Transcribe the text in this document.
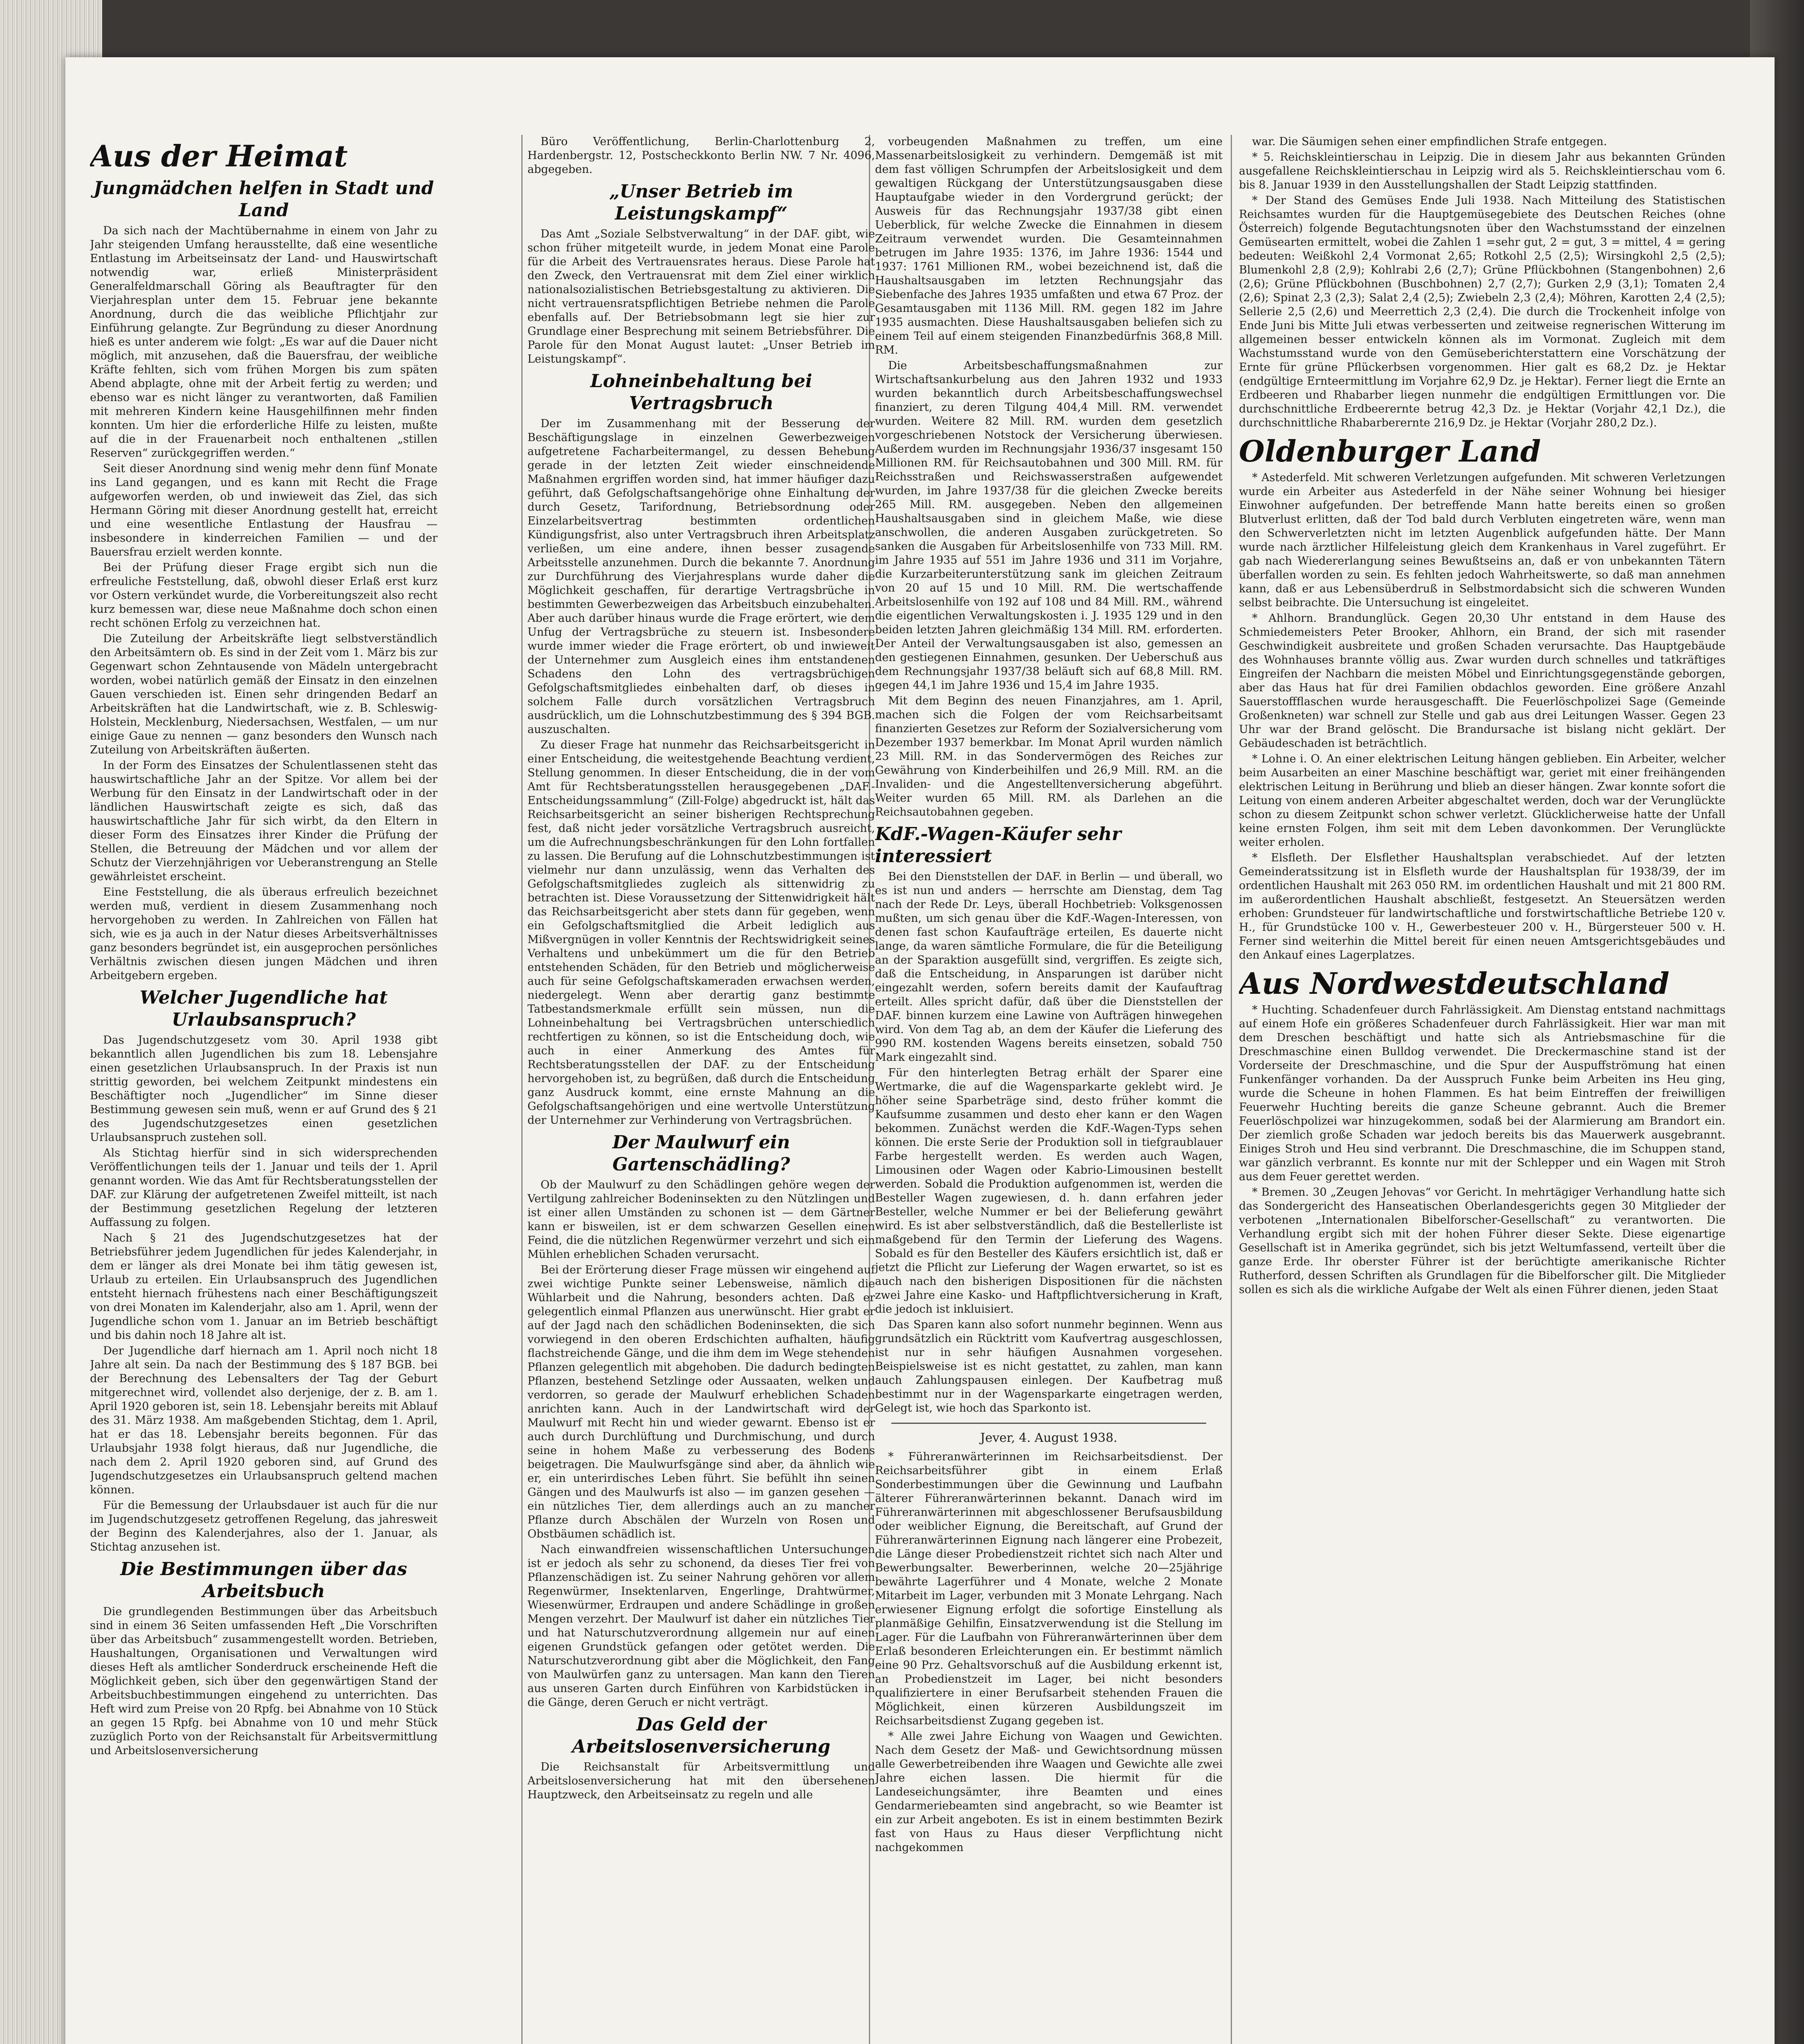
Aus der Heimat
Jungmädchen helfen in Stadt und Land

Da sich nach der Machtübernahme in einem von Jahr zu Jahr steigenden Umfang herausstellte, daß eine wesentliche Entlastung im Arbeitseinsatz der Land- und Hauswirtschaft notwendig war, erließ Ministerpräsident Generalfeldmarschall Göring als Beauftragter für den Vierjahresplan unter dem 15. Februar jene bekannte Anordnung, durch die das weibliche Pflichtjahr zur Einführung gelangte. Zur Begründung zu dieser Anordnung hieß es unter anderem wie folgt: „Es war auf die Dauer nicht möglich, mit anzusehen, daß die Bauersfrau, der weibliche Kräfte fehlten, sich vom frühen Morgen bis zum späten Abend abplagte, ohne mit der Arbeit fertig zu werden; und ebenso war es nicht länger zu verantworten, daß Familien mit mehreren Kindern keine Hausgehilfinnen mehr finden konnten. Um hier die erforderliche Hilfe zu leisten, mußte auf die in der Frauenarbeit noch enthaltenen „stillen Reserven“ zurückgegriffen werden.“

Seit dieser Anordnung sind wenig mehr denn fünf Monate ins Land gegangen, und es kann mit Recht die Frage aufgeworfen werden, ob und inwieweit das Ziel, das sich Hermann Göring mit dieser Anordnung gestellt hat, erreicht und eine wesentliche Entlastung der Hausfrau — insbesondere in kinderreichen Familien — und der Bauersfrau erzielt werden konnte.

Bei der Prüfung dieser Frage ergibt sich nun die erfreuliche Feststellung, daß, obwohl dieser Erlaß erst kurz vor Ostern verkündet wurde, die Vorbereitungszeit also recht kurz bemessen war, diese neue Maßnahme doch schon einen recht schönen Erfolg zu verzeichnen hat.

Die Zuteilung der Arbeitskräfte liegt selbstverständlich den Arbeitsämtern ob. Es sind in der Zeit vom 1. März bis zur Gegenwart schon Zehntausende von Mädeln untergebracht worden, wobei natürlich gemäß der Einsatz in den einzelnen Gauen verschieden ist. Einen sehr dringenden Bedarf an Arbeitskräften hat die Landwirtschaft, wie z. B. Schleswig-Holstein, Mecklenburg, Niedersachsen, Westfalen, — um nur einige Gaue zu nennen — ganz besonders den Wunsch nach Zuteilung von Arbeitskräften äußerten.

In der Form des Einsatzes der Schulentlassenen steht das hauswirtschaftliche Jahr an der Spitze. Vor allem bei der Werbung für den Einsatz in der Landwirtschaft oder in der ländlichen Hauswirtschaft zeigte es sich, daß das hauswirtschaftliche Jahr für sich wirbt, da den Eltern in dieser Form des Einsatzes ihrer Kinder die Prüfung der Stellen, die Betreuung der Mädchen und vor allem der Schutz der Vierzehnjährigen vor Ueberanstrengung an Stelle gewährleistet erscheint.

Eine Feststellung, die als überaus erfreulich bezeichnet werden muß, verdient in diesem Zusammenhang noch hervorgehoben zu werden. In Zahlreichen von Fällen hat sich, wie es ja auch in der Natur dieses Arbeitsverhältnisses ganz besonders begründet ist, ein ausgeprochen persönliches Verhältnis zwischen diesen jungen Mädchen und ihren Arbeitgebern ergeben.

Welcher Jugendliche hat Urlaubsanspruch?

Das Jugendschutzgesetz vom 30. April 1938 gibt bekanntlich allen Jugendlichen bis zum 18. Lebensjahre einen gesetzlichen Urlaubsanspruch. In der Praxis ist nun strittig geworden, bei welchem Zeitpunkt mindestens ein Beschäftigter noch „Jugendlicher“ im Sinne dieser Bestimmung gewesen sein muß, wenn er auf Grund des § 21 des Jugendschutzgesetzes einen gesetzlichen Urlaubsanspruch zustehen soll.

Als Stichtag hierfür sind in sich widersprechenden Veröffentlichungen teils der 1. Januar und teils der 1. April genannt worden. Wie das Amt für Rechtsberatungsstellen der DAF. zur Klärung der aufgetretenen Zweifel mitteilt, ist nach der Bestimmung gesetzlichen Regelung der letzteren Auffassung zu folgen.

Nach § 21 des Jugendschutzgesetzes hat der Betriebsführer jedem Jugendlichen für jedes Kalenderjahr, in dem er länger als drei Monate bei ihm tätig gewesen ist, Urlaub zu erteilen. Ein Urlaubsanspruch des Jugendlichen entsteht hiernach frühestens nach einer Beschäftigungszeit von drei Monaten im Kalenderjahr, also am 1. April, wenn der Jugendliche schon vom 1. Januar an im Betrieb beschäftigt und bis dahin noch 18 Jahre alt ist.

Der Jugendliche darf hiernach am 1. April noch nicht 18 Jahre alt sein. Da nach der Bestimmung des § 187 BGB. bei der Berechnung des Lebensalters der Tag der Geburt mitgerechnet wird, vollendet also derjenige, der z. B. am 1. April 1920 geboren ist, sein 18. Lebensjahr bereits mit Ablauf des 31. März 1938. Am maßgebenden Stichtag, dem 1. April, hat er das 18. Lebensjahr bereits begonnen. Für das Urlaubsjahr 1938 folgt hieraus, daß nur Jugendliche, die nach dem 2. April 1920 geboren sind, auf Grund des Jugendschutzgesetzes ein Urlaubsanspruch geltend machen können.

Für die Bemessung der Urlaubsdauer ist auch für die nur im Jugendschutzgesetz getroffenen Regelung, das jahresweit der Beginn des Kalenderjahres, also der 1. Januar, als Stichtag anzusehen ist.

Die Bestimmungen über das Arbeitsbuch

Die grundlegenden Bestimmungen über das Arbeitsbuch sind in einem 36 Seiten umfassenden Heft „Die Vorschriften über das Arbeitsbuch“ zusammengestellt worden. Betrieben, Haushaltungen, Organisationen und Verwaltungen wird dieses Heft als amtlicher Sonderdruck erscheinende Heft die Möglichkeit geben, sich über den gegenwärtigen Stand der Arbeitsbuchbestimmungen eingehend zu unterrichten. Das Heft wird zum Preise von 20 Rpfg. bei Abnahme von 10 Stück an gegen 15 Rpfg. bei Abnahme von 10 und mehr Stück zuzüglich Porto von der Reichsanstalt für Arbeitsvermittlung und Arbeitslosenversicherung

Büro Veröffentlichung, Berlin-Charlottenburg 2, Hardenbergstr. 12, Postscheckkonto Berlin NW. 7 Nr. 4096, abgegeben.

„Unser Betrieb im Leistungskampf“

Das Amt „Soziale Selbstverwaltung“ in der DAF. gibt, wie schon früher mitgeteilt wurde, in jedem Monat eine Parole für die Arbeit des Vertrauensrates heraus. Diese Parole hat den Zweck, den Vertrauensrat mit dem Ziel einer wirklich nationalsozialistischen Betriebsgestaltung zu aktivieren. Die nicht vertrauensratspflichtigen Betriebe nehmen die Parole ebenfalls auf. Der Betriebsobmann legt sie hier zur Grundlage einer Besprechung mit seinem Betriebsführer. Die Parole für den Monat August lautet: „Unser Betrieb im Leistungskampf“.

Lohneinbehaltung bei Vertragsbruch

Der im Zusammenhang mit der Besserung der Beschäftigungslage in einzelnen Gewerbezweigen aufgetretene Facharbeitermangel, zu dessen Behebung gerade in der letzten Zeit wieder einschneidende Maßnahmen ergriffen worden sind, hat immer häufiger dazu geführt, daß Gefolgschaftsangehörige ohne Einhaltung der durch Gesetz, Tarifordnung, Betriebsordnung oder Einzelarbeitsvertrag bestimmten ordentlichen Kündigungsfrist, also unter Vertragsbruch ihren Arbeitsplatz verließen, um eine andere, ihnen besser zusagende Arbeitsstelle anzunehmen. Durch die bekannte 7. Anordnung zur Durchführung des Vierjahresplans wurde daher die Möglichkeit geschaffen, für derartige Vertragsbrüche in bestimmten Gewerbezweigen das Arbeitsbuch einzubehalten. Aber auch darüber hinaus wurde die Frage erörtert, wie dem Unfug der Vertragsbrüche zu steuern ist. Insbesondere wurde immer wieder die Frage erörtert, ob und inwieweit der Unternehmer zum Ausgleich eines ihm entstandenen Schadens den Lohn des vertragsbrüchigen Gefolgschaftsmitgliedes einbehalten darf, ob dieses in solchem Falle durch vorsätzlichen Vertragsbruch ausdrücklich, um die Lohnschutzbestimmung des § 394 BGB. auszuschalten.

Zu dieser Frage hat nunmehr das Reichsarbeitsgericht in einer Entscheidung, die weitestgehende Beachtung verdient, Stellung genommen. In dieser Entscheidung, die in der vom Amt für Rechtsberatungsstellen herausgegebenen „DAF.-Entscheidungssammlung“ (Zill-Folge) abgedruckt ist, hält das Reichsarbeitsgericht an seiner bisherigen Rechtsprechung fest, daß nicht jeder vorsätzliche Vertragsbruch ausreicht, um die Aufrechnungsbeschränkungen für den Lohn fortfallen zu lassen. Die Berufung auf die Lohnschutzbestimmungen ist vielmehr nur dann unzulässig, wenn das Verhalten des Gefolgschaftsmitgliedes zugleich als sittenwidrig zu betrachten ist. Diese Voraussetzung der Sittenwidrigkeit hält das Reichsarbeitsgericht aber stets dann für gegeben, wenn ein Gefolgschaftsmitglied die Arbeit lediglich aus Mißvergnügen in voller Kenntnis der Rechtswidrigkeit seines Verhaltens und unbekümmert um die für den Betrieb entstehenden Schäden, für den Betrieb und möglicherweise auch für seine Gefolgschaftskameraden erwachsen werden, niedergelegt. Wenn aber derartig ganz bestimmte Tatbestandsmerkmale erfüllt sein müssen, nun die Lohneinbehaltung bei Vertragsbrüchen unterschiedlich rechtfertigen zu können, so ist die Entscheidung doch, wie auch in einer Anmerkung des Amtes für Rechtsberatungsstellen der DAF. zu der Entscheidung hervorgehoben ist, zu begrüßen, daß durch die Entscheidung ganz Ausdruck kommt, eine ernste Mahnung an die Gefolgschaftsangehörigen und eine wertvolle Unterstützung der Unternehmer zur Verhinderung von Vertragsbrüchen.

Der Maulwurf ein Gartenschädling?

Ob der Maulwurf zu den Schädlingen gehöre wegen der Vertilgung zahlreicher Bodeninsekten zu den Nützlingen und ist einer allen Umständen zu schonen ist — dem Gärtner kann er bisweilen, ist er dem schwarzen Gesellen einen Feind, die die nützlichen Regenwürmer verzehrt und sich ein Mühlen erheblichen Schaden verursacht.

Bei der Erörterung dieser Frage müssen wir eingehend auf zwei wichtige Punkte seiner Lebensweise, nämlich die Wühlarbeit und die Nahrung, besonders achten. Daß er gelegentlich einmal Pflanzen aus unerwünscht. Hier grabt er auf der Jagd nach den schädlichen Bodeninsekten, die sich vorwiegend in den oberen Erdschichten aufhalten, häufig flachstreichende Gänge, und die ihm dem im Wege stehenden Pflanzen gelegentlich mit abgehoben. Die dadurch bedingten Pflanzen, bestehend Setzlinge oder Aussaaten, welken und verdorren, so gerade der Maulwurf erheblichen Schaden anrichten kann. Auch in der Landwirtschaft wird der Maulwurf mit Recht hin und wieder gewarnt. Ebenso ist er auch durch Durchlüftung und Durchmischung, und durch seine in hohem Maße zu verbesserung des Bodens beigetragen. Die Maulwurfsgänge sind aber, da ähnlich wie er, ein unterirdisches Leben führt. Sie befühlt ihn seinen Gängen und des Maulwurfs ist also — im ganzen gesehen — ein nützliches Tier, dem allerdings auch an zu mancher Pflanze durch Abschälen der Wurzeln von Rosen und Obstbäumen schädlich ist.

Nach einwandfreien wissenschaftlichen Untersuchungen ist er jedoch als sehr zu schonend, da dieses Tier frei von Pflanzenschädigen ist. Zu seiner Nahrung gehören vor allem Regenwürmer, Insektenlarven, Engerlinge, Drahtwürmer, Wiesenwürmer, Erdraupen und andere Schädlinge in großen Mengen verzehrt. Der Maulwurf ist daher ein nützliches Tier und hat Naturschutzverordnung allgemein nur auf einen eigenen Grundstück gefangen oder getötet werden. Die Naturschutzverordnung gibt aber die Möglichkeit, den Fang von Maulwürfen ganz zu untersagen. Man kann den Tieren aus unseren Garten durch Einführen von Karbidstücken in die Gänge, deren Geruch er nicht verträgt.

Das Geld der Arbeitslosenversicherung

Die Reichsanstalt für Arbeitsvermittlung und Arbeitslosenversicherung hat mit den übersehenen Hauptzweck, den Arbeitseinsatz zu regeln und alle

vorbeugenden Maßnahmen zu treffen, um eine Massenarbeitslosigkeit zu verhindern. Demgemäß ist mit dem fast völligen Schrumpfen der Arbeitslosigkeit und dem gewaltigen Rückgang der Unterstützungsausgaben diese Hauptaufgabe wieder in den Vordergrund gerückt; der Ausweis für das Rechnungsjahr 1937/38 gibt einen Ueberblick, für welche Zwecke die Einnahmen in diesem Zeitraum verwendet wurden. Die Gesamteinnahmen betrugen im Jahre 1935: 1376, im Jahre 1936: 1544 und 1937: 1761 Millionen RM., wobei bezeichnend ist, daß die Haushaltsausgaben im letzten Rechnungsjahr das Siebenfache des Jahres 1935 umfaßten und etwa 67 Proz. der Gesamtausgaben mit 1136 Mill. RM. gegen 182 im Jahre 1935 ausmachten. Diese Haushaltsausgaben beliefen sich zu einem Teil auf einem steigenden Finanzbedürfnis 368,8 Mill. RM.

Die Arbeitsbeschaffungsmaßnahmen zur Wirtschaftsankurbelung aus den Jahren 1932 und 1933 wurden bekanntlich durch Arbeitsbeschaffungswechsel finanziert, zu deren Tilgung 404,4 Mill. RM. verwendet wurden. Weitere 82 Mill. RM. wurden dem gesetzlich vorgeschriebenen Notstock der Versicherung überwiesen. Außerdem wurden im Rechnungsjahr 1936/37 insgesamt 150 Millionen RM. für Reichsautobahnen und 300 Mill. RM. für Reichsstraßen und Reichswasserstraßen aufgewendet wurden, im Jahre 1937/38 für die gleichen Zwecke bereits 265 Mill. RM. ausgegeben. Neben den allgemeinen Haushaltsausgaben sind in gleichem Maße, wie diese anschwollen, die anderen Ausgaben zurückgetreten. So sanken die Ausgaben für Arbeitslosenhilfe von 733 Mill. RM. im Jahre 1935 auf 551 im Jahre 1936 und 311 im Vorjahre, die Kurzarbeiterunterstützung sank im gleichen Zeitraum von 20 auf 15 und 10 Mill. RM. Die wertschaffende Arbeitslosenhilfe von 192 auf 108 und 84 Mill. RM., während die eigentlichen Verwaltungskosten i. J. 1935 129 und in den beiden letzten Jahren gleichmäßig 134 Mill. RM. erforderten. Der Anteil der Verwaltungsausgaben ist also, gemessen an den gestiegenen Einnahmen, gesunken. Der Ueberschuß aus dem Rechnungsjahr 1937/38 beläuft sich auf 68,8 Mill. RM. gegen 44,1 im Jahre 1936 und 15,4 im Jahre 1935.

Mit dem Beginn des neuen Finanzjahres, am 1. April, machen sich die Folgen der vom Reichsarbeitsamt finanzierten Gesetzes zur Reform der Sozialversicherung vom Dezember 1937 bemerkbar. Im Monat April wurden nämlich 23 Mill. RM. in das Sondervermögen des Reiches zur Gewährung von Kinderbeihilfen und 26,9 Mill. RM. an die Invaliden- und die Angestelltenversicherung abgeführt. Weiter wurden 65 Mill. RM. als Darlehen an die Reichsautobahnen gegeben.

KdF.-Wagen-Käufer sehr interessiert

Bei den Dienststellen der DAF. in Berlin — und überall, wo es ist nun und anders — herrschte am Dienstag, dem Tag nach der Rede Dr. Leys, überall Hochbetrieb: Volksgenossen mußten, um sich genau über die KdF.-Wagen-Interessen, von denen fast schon Kaufaufträge erteilen, Es dauerte nicht lange, da waren sämtliche Formulare, die für die Beteiligung an der Sparaktion ausgefüllt sind, vergriffen. Es zeigte sich, daß die Entscheidung, in Ansparungen ist darüber nicht eingezahlt werden, sofern bereits damit der Kaufauftrag erteilt. Alles spricht dafür, daß über die Dienststellen der DAF. binnen kurzem eine Lawine von Aufträgen hinwegehen wird. Von dem Tag ab, an dem der Käufer die Lieferung des 990 RM. kostenden Wagens bereits einsetzen, sobald 750 Mark eingezahlt sind.

Für den hinterlegten Betrag erhält der Sparer eine Wertmarke, die auf die Wagensparkarte geklebt wird. Je höher seine Sparbeträge sind, desto früher kommt die Kaufsumme zusammen und desto eher kann er den Wagen bekommen. Zunächst werden die KdF.-Wagen-Typs sehen können. Die erste Serie der Produktion soll in tiefgraublauer Farbe hergestellt werden. Es werden auch Wagen, Limousinen oder Wagen oder Kabrio-Limousinen bestellt werden. Sobald die Produktion aufgenommen ist, werden die Besteller Wagen zugewiesen, d. h. dann erfahren jeder Besteller, welche Nummer er bei der Belieferung gewährt wird. Es ist aber selbstverständlich, daß die Bestellerliste ist maßgebend für den Termin der Lieferung des Wagens. Sobald es für den Besteller des Käufers ersichtlich ist, daß er jetzt die Pflicht zur Lieferung der Wagen erwartet, so ist es auch nach den bisherigen Dispositionen für die nächsten zwei Jahre eine Kasko- und Haftpflichtversicherung in Kraft, die jedoch ist inkluisiert.

Das Sparen kann also sofort nunmehr beginnen. Wenn aus grundsätzlich ein Rücktritt vom Kaufvertrag ausgeschlossen, ist nur in sehr häufigen Ausnahmen vorgesehen. Beispielsweise ist es nicht gestattet, zu zahlen, man kann auch Zahlungspausen einlegen. Der Kaufbetrag muß bestimmt nur in der Wagensparkarte eingetragen werden, Gelegt ist, wie hoch das Sparkonto ist.

Jever, 4. August 1938.

* Führeranwärterinnen im Reichsarbeitsdienst. Der Reichsarbeitsführer gibt in einem Erlaß Sonderbestimmungen über die Gewinnung und Laufbahn älterer Führeranwärterinnen bekannt. Danach wird im Führeranwärterinnen mit abgeschlossener Berufsausbildung oder weiblicher Eignung, die Bereitschaft, auf Grund der Führeranwärterinnen Eignung nach längerer eine Probezeit, die Länge dieser Probedienstzeit richtet sich nach Alter und Bewerbungsalter. Bewerberinnen, welche 20—25jährige bewährte Lagerführer und 4 Monate, welche 2 Monate Mitarbeit im Lager, verbunden mit 3 Monate Lehrgang. Nach erwiesener Eignung erfolgt die sofortige Einstellung als planmäßige Gehilfin, Einsatzverwendung ist die Stellung im Lager. Für die Laufbahn von Führeranwärterinnen über dem Erlaß besonderen Erleichterungen ein. Er bestimmt nämlich eine 90 Prz. Gehaltsvorschuß auf die Ausbildung erkennt ist, an Probedienstzeit im Lager, bei nicht besonders qualifiziertere in einer Berufsarbeit stehenden Frauen die Möglichkeit, einen kürzeren Ausbildungszeit im Reichsarbeitsdienst Zugang gegeben ist.

* Alle zwei Jahre Eichung von Waagen und Gewichten. Nach dem Gesetz der Maß- und Gewichtsordnung müssen alle Gewerbetreibenden ihre Waagen und Gewichte alle zwei Jahre eichen lassen. Die hiermit für die Landeseichungsämter, ihre Beamten und eines Gendarmeriebeamten sind angebracht, so wie Beamter ist ein zur Arbeit angeboten. Es ist in einem bestimmten Bezirk fast von Haus zu Haus dieser Verpflichtung nicht nachgekommen

war. Die Säumigen sehen einer empfindlichen Strafe entgegen.

* 5. Reichskleintierschau in Leipzig. Die in diesem Jahr aus bekannten Gründen ausgefallene Reichskleintierschau in Leipzig wird als 5. Reichskleintierschau vom 6. bis 8. Januar 1939 in den Ausstellungshallen der Stadt Leipzig stattfinden.

* Der Stand des Gemüses Ende Juli 1938. Nach Mitteilung des Statistischen Reichsamtes wurden für die Hauptgemüsegebiete des Deutschen Reiches (ohne Österreich) folgende Begutachtungsnoten über den Wachstumsstand der einzelnen Gemüsearten ermittelt, wobei die Zahlen 1 =sehr gut, 2 = gut, 3 = mittel, 4 = gering bedeuten: Weißkohl 2,4 Vormonat 2,65; Rotkohl 2,5 (2,5); Wirsingkohl 2,5 (2,5); Blumenkohl 2,8 (2,9); Kohlrabi 2,6 (2,7); Grüne Pflückbohnen (Stangenbohnen) 2,6 (2,6); Grüne Pflückbohnen (Buschbohnen) 2,7 (2,7); Gurken 2,9 (3,1); Tomaten 2,4 (2,6); Spinat 2,3 (2,3); Salat 2,4 (2,5); Zwiebeln 2,3 (2,4); Möhren, Karotten 2,4 (2,5); Sellerie 2,5 (2,6) und Meerrettich 2,3 (2,4). Die durch die Trockenheit infolge von Ende Juni bis Mitte Juli etwas verbesserten und zeitweise regnerischen Witterung im allgemeinen besser entwickeln können als im Vormonat. Zugleich mit dem Wachstumsstand wurde von den Gemüseberichterstattern eine Vorschätzung der Ernte für grüne Pflückerbsen vorgenommen. Hier galt es 68,2 Dz. je Hektar (endgültige Ernteermittlung im Vorjahre 62,9 Dz. je Hektar). Ferner liegt die Ernte an Erdbeeren und Rhabarber liegen nunmehr die endgültigen Ermittlungen vor. Die durchschnittliche Erdbeerernte betrug 42,3 Dz. je Hektar (Vorjahr 42,1 Dz.), die durchschnittliche Rhabarberernte 216,9 Dz. je Hektar (Vorjahr 280,2 Dz.).

Oldenburger Land

* Astederfeld. Mit schweren Verletzungen aufgefunden. Mit schweren Verletzungen wurde ein Arbeiter aus Astederfeld in der Nähe seiner Wohnung bei hiesiger Einwohner aufgefunden. Der betreffende Mann hatte bereits einen so großen Blutverlust erlitten, daß der Tod bald durch Verbluten eingetreten wäre, wenn man den Schwerverletzten nicht im letzten Augenblick aufgefunden hätte. Der Mann wurde nach ärztlicher Hilfeleistung gleich dem Krankenhaus in Varel zugeführt. Er gab nach Wiedererlangung seines Bewußtseins an, daß er von unbekannten Tätern überfallen worden zu sein. Es fehlten jedoch Wahrheitswerte, so daß man annehmen kann, daß er aus Lebensüberdruß in Selbstmordabsicht sich die schweren Wunden selbst beibrachte. Die Untersuchung ist eingeleitet.

* Ahlhorn. Brandunglück. Gegen 20,30 Uhr entstand in dem Hause des Schmiedemeisters Peter Brooker, Ahlhorn, ein Brand, der sich mit rasender Geschwindigkeit ausbreitete und großen Schaden verursachte. Das Hauptgebäude des Wohnhauses brannte völlig aus. Zwar wurden durch schnelles und tatkräftiges Eingreifen der Nachbarn die meisten Möbel und Einrichtungsgegenstände geborgen, aber das Haus hat für drei Familien obdachlos geworden. Eine größere Anzahl Sauerstoffflaschen wurde herausgeschafft. Die Feuerlöschpolizei Sage (Gemeinde Großenkneten) war schnell zur Stelle und gab aus drei Leitungen Wasser. Gegen 23 Uhr war der Brand gelöscht. Die Brandursache ist bislang nicht geklärt. Der Gebäudeschaden ist beträchtlich.

* Lohne i. O. An einer elektrischen Leitung hängen geblieben. Ein Arbeiter, welcher beim Ausarbeiten an einer Maschine beschäftigt war, geriet mit einer freihängenden elektrischen Leitung in Berührung und blieb an dieser hängen. Zwar konnte sofort die Leitung von einem anderen Arbeiter abgeschaltet werden, doch war der Verunglückte schon zu diesem Zeitpunkt schon schwer verletzt. Glücklicherweise hatte der Unfall keine ernsten Folgen, ihm seit mit dem Leben davonkommen. Der Verunglückte weiter erholen.

* Elsfleth. Der Elsflether Haushaltsplan verabschiedet. Auf der letzten Gemeinderatssitzung ist in Elsfleth wurde der Haushaltsplan für 1938/39, der im ordentlichen Haushalt mit 263 050 RM. im ordentlichen Haushalt und mit 21 800 RM. im außerordentlichen Haushalt abschließt, festgesetzt. An Steuersätzen werden erhoben: Grundsteuer für landwirtschaftliche und forstwirtschaftliche Betriebe 120 v. H., für Grundstücke 100 v. H., Gewerbesteuer 200 v. H., Bürgersteuer 500 v. H. Ferner sind weiterhin die Mittel bereit für einen neuen Amtsgerichtsgebäudes und den Ankauf eines Lagerplatzes.

Aus Nordwestdeutschland

* Huchting. Schadenfeuer durch Fahrlässigkeit. Am Dienstag entstand nachmittags auf einem Hofe ein größeres Schadenfeuer durch Fahrlässigkeit. Hier war man mit dem Dreschen beschäftigt und hatte sich als Antriebsmaschine für die Dreschmaschine einen Bulldog verwendet. Die Dreckermaschine stand ist der Vorderseite der Dreschmaschine, und die Spur der Auspuffströmung hat einen Funkenfänger vorhanden. Da der Ausspruch Funke beim Arbeiten ins Heu ging, wurde die Scheune in hohen Flammen. Es hat beim Eintreffen der freiwilligen Feuerwehr Huchting bereits die ganze Scheune gebrannt. Auch die Bremer Feuerlöschpolizei war hinzugekommen, sodaß bei der Alarmierung am Brandort ein. Der ziemlich große Schaden war jedoch bereits bis das Mauerwerk ausgebrannt. Einiges Stroh und Heu sind verbrannt. Die Dreschmaschine, die im Schuppen stand, war gänzlich verbrannt. Es konnte nur mit der Schlepper und ein Wagen mit Stroh aus dem Feuer gerettet werden.

* Bremen. 30 „Zeugen Jehovas“ vor Gericht. In mehrtägiger Verhandlung hatte sich das Sondergericht des Hanseatischen Oberlandesgerichts gegen 30 Mitglieder der verbotenen „Internationalen Bibelforscher-Gesellschaft“ zu verantworten. Die Verhandlung ergibt sich mit der hohen Führer dieser Sekte. Diese eigenartige Gesellschaft ist in Amerika gegründet, sich bis jetzt Weltumfassend, verteilt über die ganze Erde. Ihr oberster Führer ist der berüchtigte amerikanische Richter Rutherford, dessen Schriften als Grundlagen für die Bibelforscher gilt. Die Mitglieder sollen es sich als die wirkliche Aufgabe der Welt als einen Führer dienen, jeden Staat
